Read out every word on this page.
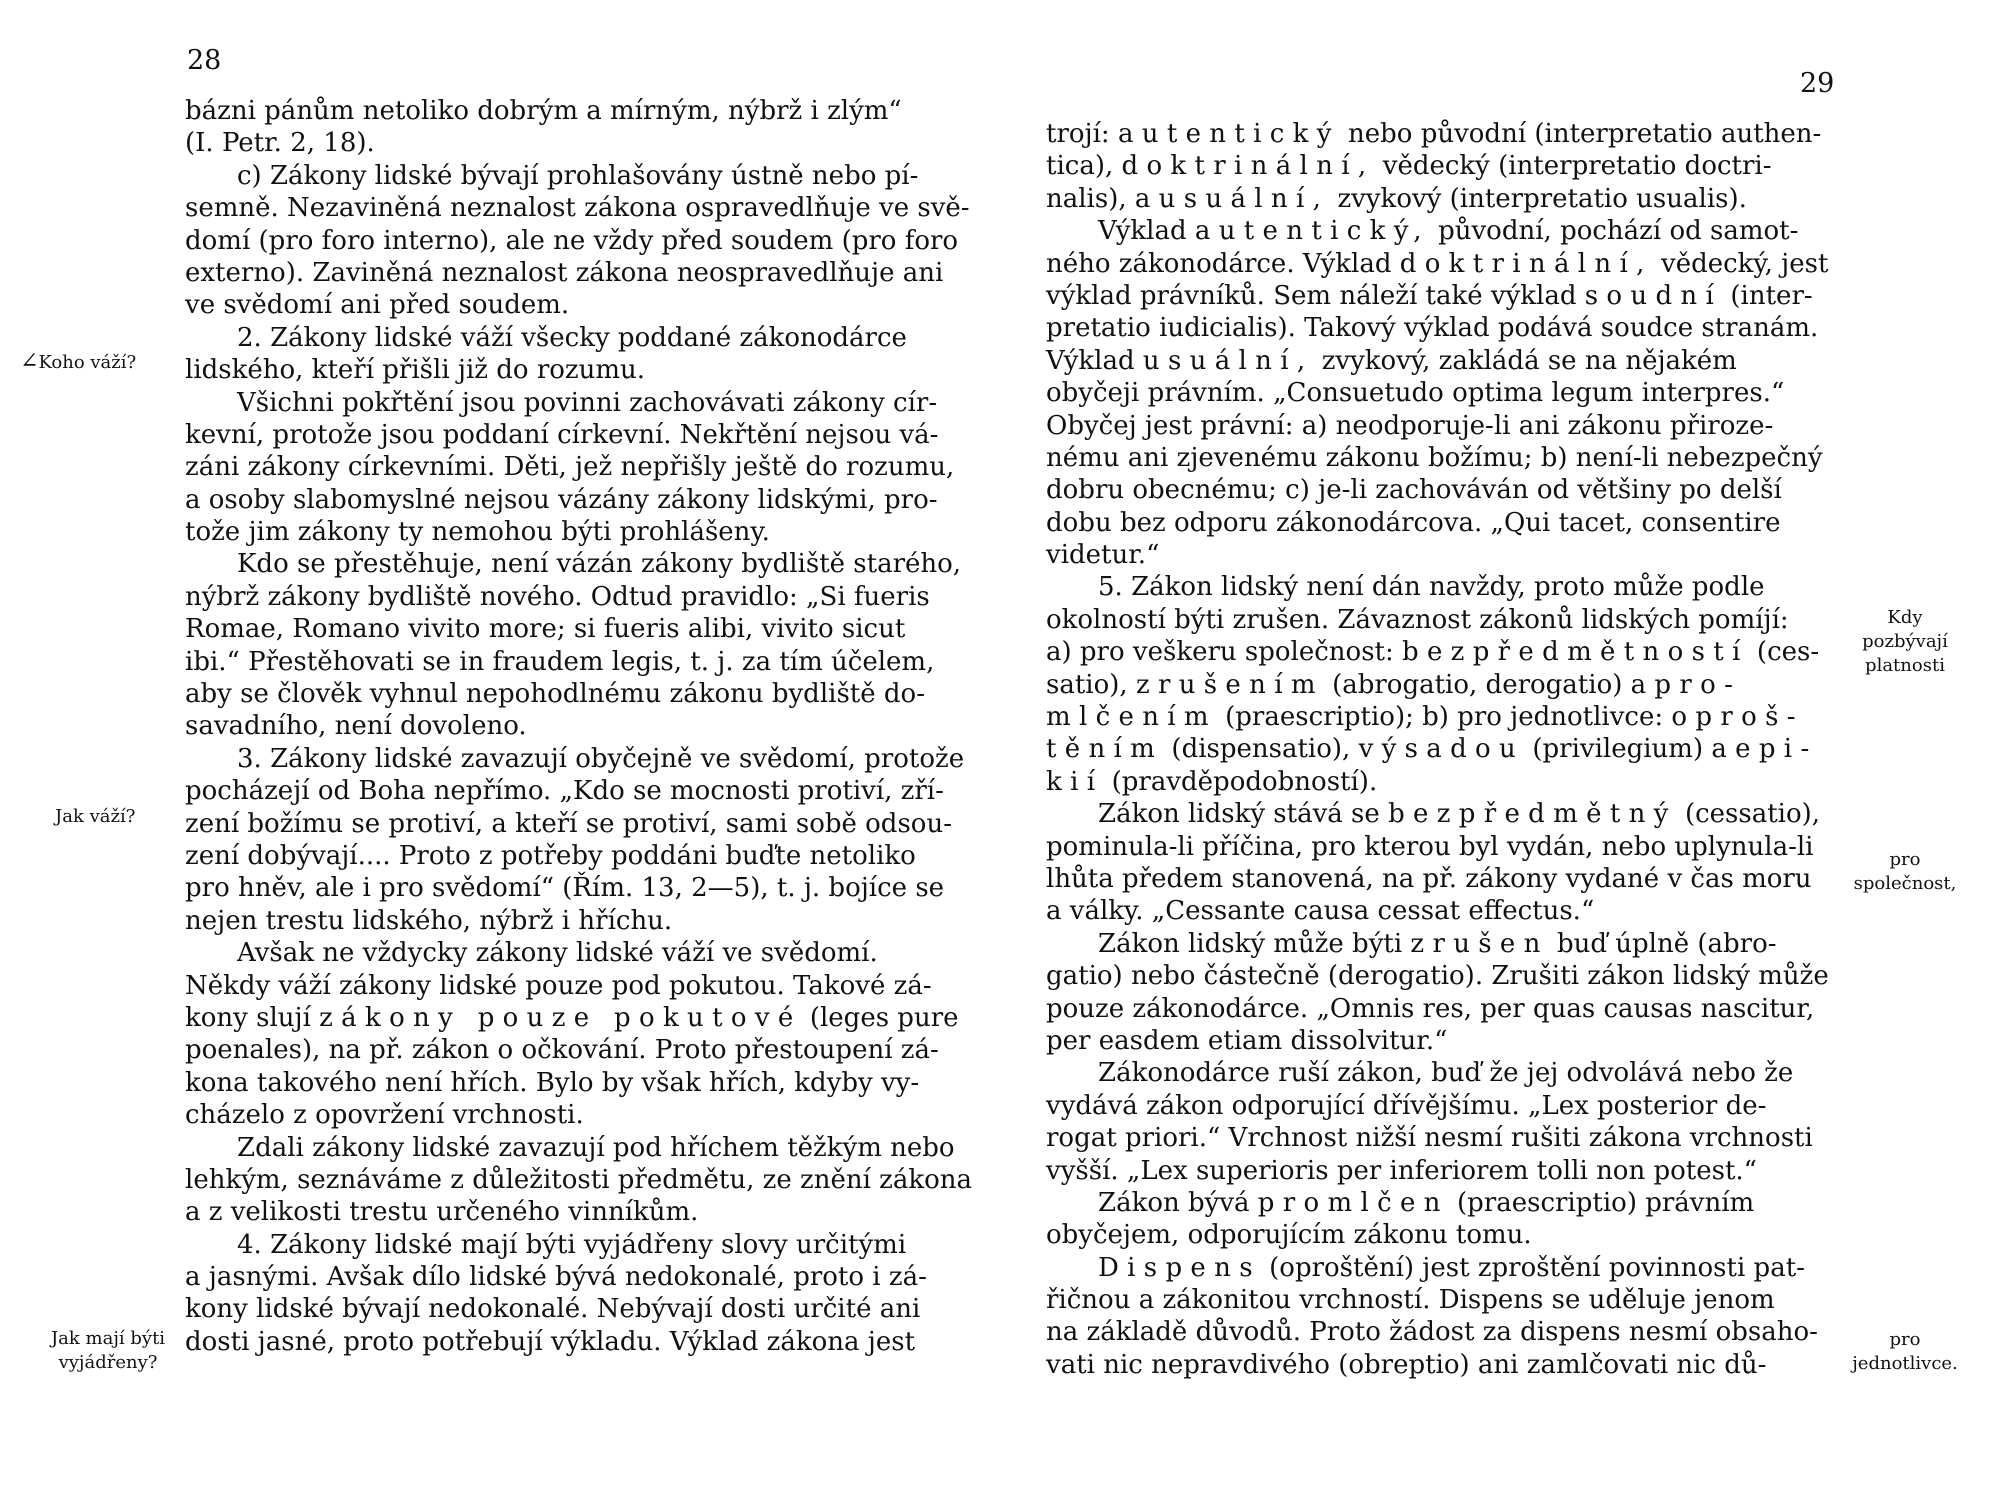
28
∠Koho váží?
Jak váží?
Jak mají býti
vyjádřeny?
bázni pánům netoliko dobrým a mírným, nýbrž i zlým“
(I. Petr. 2, 18).
c) Zákony lidské bývají prohlašovány ústně nebo pí-
semně. Nezaviněná neznalost zákona ospravedlňuje ve svě-
domí (pro foro interno), ale ne vždy před soudem (pro foro
externo). Zaviněná neznalost zákona neospravedlňuje ani
ve svědomí ani před soudem.
2. Zákony lidské váží všecky poddané zákonodárce
lidského, kteří přišli již do rozumu.
Všichni pokřtění jsou povinni zachovávati zákony cír-
kevní, protože jsou poddaní církevní. Nekřtění nejsou vá-
záni zákony církevními. Děti, jež nepřišly ještě do rozumu,
a osoby slabomyslné nejsou vázány zákony lidskými, pro-
tože jim zákony ty nemohou býti prohlášeny.
Kdo se přestěhuje, není vázán zákony bydliště starého,
nýbrž zákony bydliště nového. Odtud pravidlo: „Si fueris
Romae, Romano vivito more; si fueris alibi, vivito sicut
ibi.“ Přestěhovati se in fraudem legis, t. j. za tím účelem,
aby se člověk vyhnul nepohodlnému zákonu bydliště do-
savadního, není dovoleno.
3. Zákony lidské zavazují obyčejně ve svědomí, protože
pocházejí od Boha nepřímo. „Kdo se mocnosti protiví, zří-
zení božímu se protiví, a kteří se protiví, sami sobě odsou-
zení dobývají.... Proto z potřeby poddáni buďte netoliko
pro hněv, ale i pro svědomí“ (Řím. 13, 2—5), t. j. bojíce se
nejen trestu lidského, nýbrž i hříchu.
Avšak ne vždycky zákony lidské váží ve svědomí.
Někdy váží zákony lidské pouze pod pokutou. Takové zá-
kony slují zákony pouze pokutové (leges pure
poenales), na př. zákon o očkování. Proto přestoupení zá-
kona takového není hřích. Bylo by však hřích, kdyby vy-
cházelo z opovržení vrchnosti.
Zdali zákony lidské zavazují pod hříchem těžkým nebo
lehkým, seznáváme z důležitosti předmětu, ze znění zákona
a z velikosti trestu určeného vinníkům.
4. Zákony lidské mají býti vyjádřeny slovy určitými
a jasnými. Avšak dílo lidské bývá nedokonalé, proto i zá-
kony lidské bývají nedokonalé. Nebývají dosti určité ani
dosti jasné, proto potřebují výkladu. Výklad zákona jest
29
Kdy
pozbývají
platnosti
pro
společnost,
pro
jednotlivce.
trojí: autentický nebo původní (interpretatio authen-
tica), doktrinální, vědecký (interpretatio doctri-
nalis), a usuální, zvykový (interpretatio usualis).
Výklad autentický, původní, pochází od samot-
ného zákonodárce. Výklad doktrinální, vědecký, jest
výklad právníků. Sem náleží také výklad soudní (inter-
pretatio iudicialis). Takový výklad podává soudce stranám.
Výklad usuální, zvykový, zakládá se na nějakém
obyčeji právním. „Consuetudo optima legum interpres.“
Obyčej jest právní: a) neodporuje-li ani zákonu přiroze-
nému ani zjevenému zákonu božímu; b) není-li nebezpečný
dobru obecnému; c) je-li zachováván od většiny po delší
dobu bez odporu zákonodárcova. „Qui tacet, consentire
videtur.“
5. Zákon lidský není dán navždy, proto může podle
okolností býti zrušen. Závaznost zákonů lidských pomíjí:
a) pro veškeru společnost: bezpředmětností (ces-
satio), zrušením (abrogatio, derogatio) a pro-
mlčením (praescriptio); b) pro jednotlivce: oproš-
těním (dispensatio), výsadou (privilegium) a epi-
kií (pravděpodobností).
Zákon lidský stává se bezpředmětný (cessatio),
pominula-li příčina, pro kterou byl vydán, nebo uplynula-li
lhůta předem stanovená, na př. zákony vydané v čas moru
a války. „Cessante causa cessat effectus.“
Zákon lidský může býti zrušen buď úplně (abro-
gatio) nebo částečně (derogatio). Zrušiti zákon lidský může
pouze zákonodárce. „Omnis res, per quas causas nascitur,
per easdem etiam dissolvitur.“
Zákonodárce ruší zákon, buď že jej odvolává nebo že
vydává zákon odporující dřívějšímu. „Lex posterior de-
rogat priori.“ Vrchnost nižší nesmí rušiti zákona vrchnosti
vyšší. „Lex superioris per inferiorem tolli non potest.“
Zákon bývá promlčen (praescriptio) právním
obyčejem, odporujícím zákonu tomu.
Dispens (oproštění) jest zproštění povinnosti pat-
řičnou a zákonitou vrchností. Dispens se uděluje jenom
na základě důvodů. Proto žádost za dispens nesmí obsaho-
vati nic nepravdivého (obreptio) ani zamlčovati nic dů-
